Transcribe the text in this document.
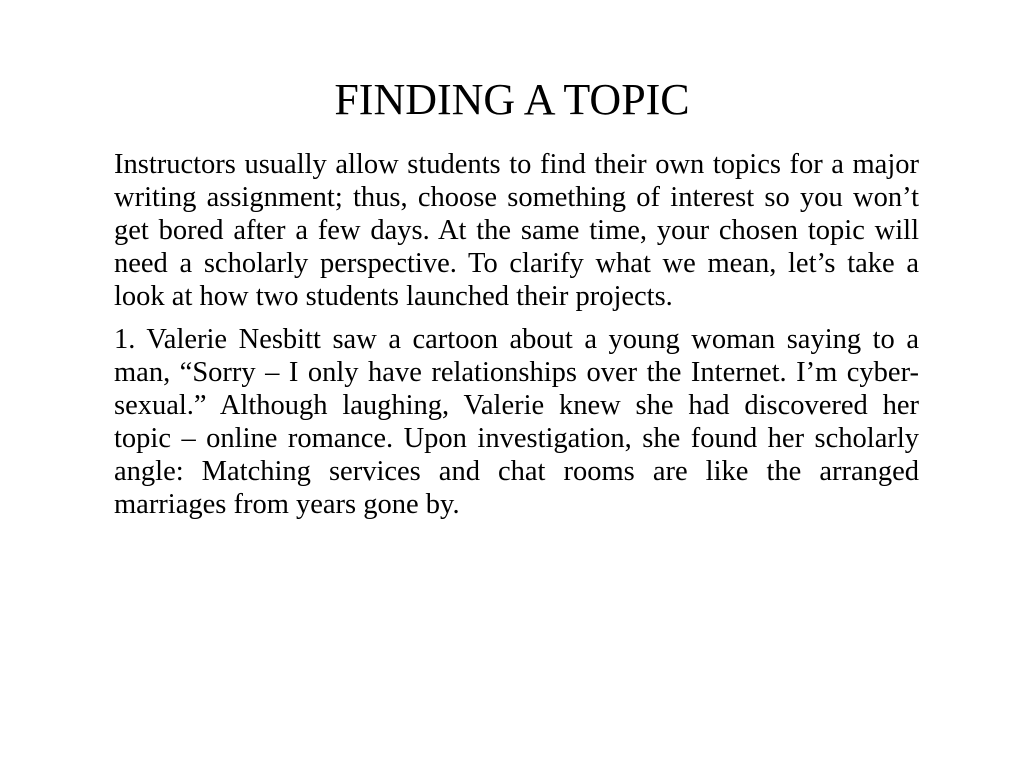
FINDING A TOPIC

Instructors usually allow students to find their own topics for a major writing assignment; thus, choose something of interest so you won’t get bored after a few days. At the same time, your chosen topic will need a scholarly perspective. To clarify what we mean, let’s take a look at how two students launched their projects.

1. Valerie Nesbitt saw a cartoon about a young woman saying to a man, “Sorry – I only have relationships over the Internet. I’m cyber-sexual.” Although laughing, Valerie knew she had discovered her topic – online romance. Upon investigation, she found her scholarly angle: Matching services and chat rooms are like the arranged marriages from years gone by.
